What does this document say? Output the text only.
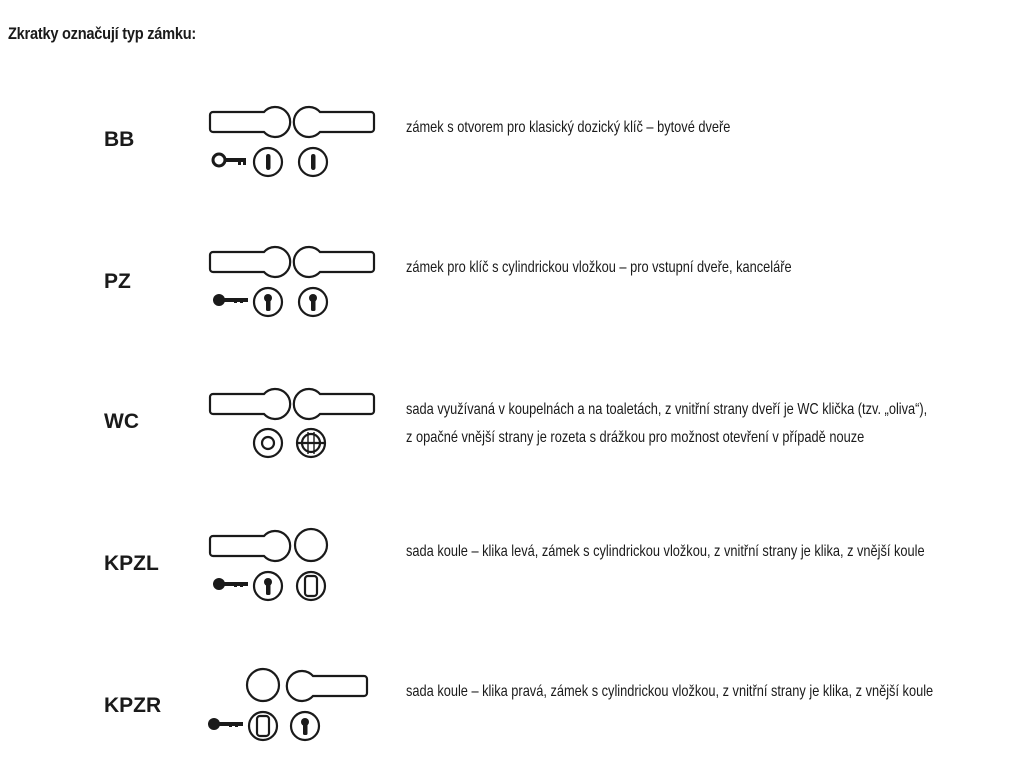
Zkratky označují typ zámku:
BB
zámek s otvorem pro klasický dozický klíč – bytové dveře
PZ
zámek pro klíč s cylindrickou vložkou – pro vstupní dveře, kanceláře
WC
sada využívaná v koupelnách a na toaletách, z vnitřní strany dveří je WC klička (tzv. „oliva“),
z opačné vnější strany je rozeta s drážkou pro možnost otevření v případě nouze
KPZL
sada koule – klika levá, zámek s cylindrickou vložkou, z vnitřní strany je klika, z vnější koule
KPZR
sada koule – klika pravá, zámek s cylindrickou vložkou, z vnitřní strany je klika, z vnější koule
